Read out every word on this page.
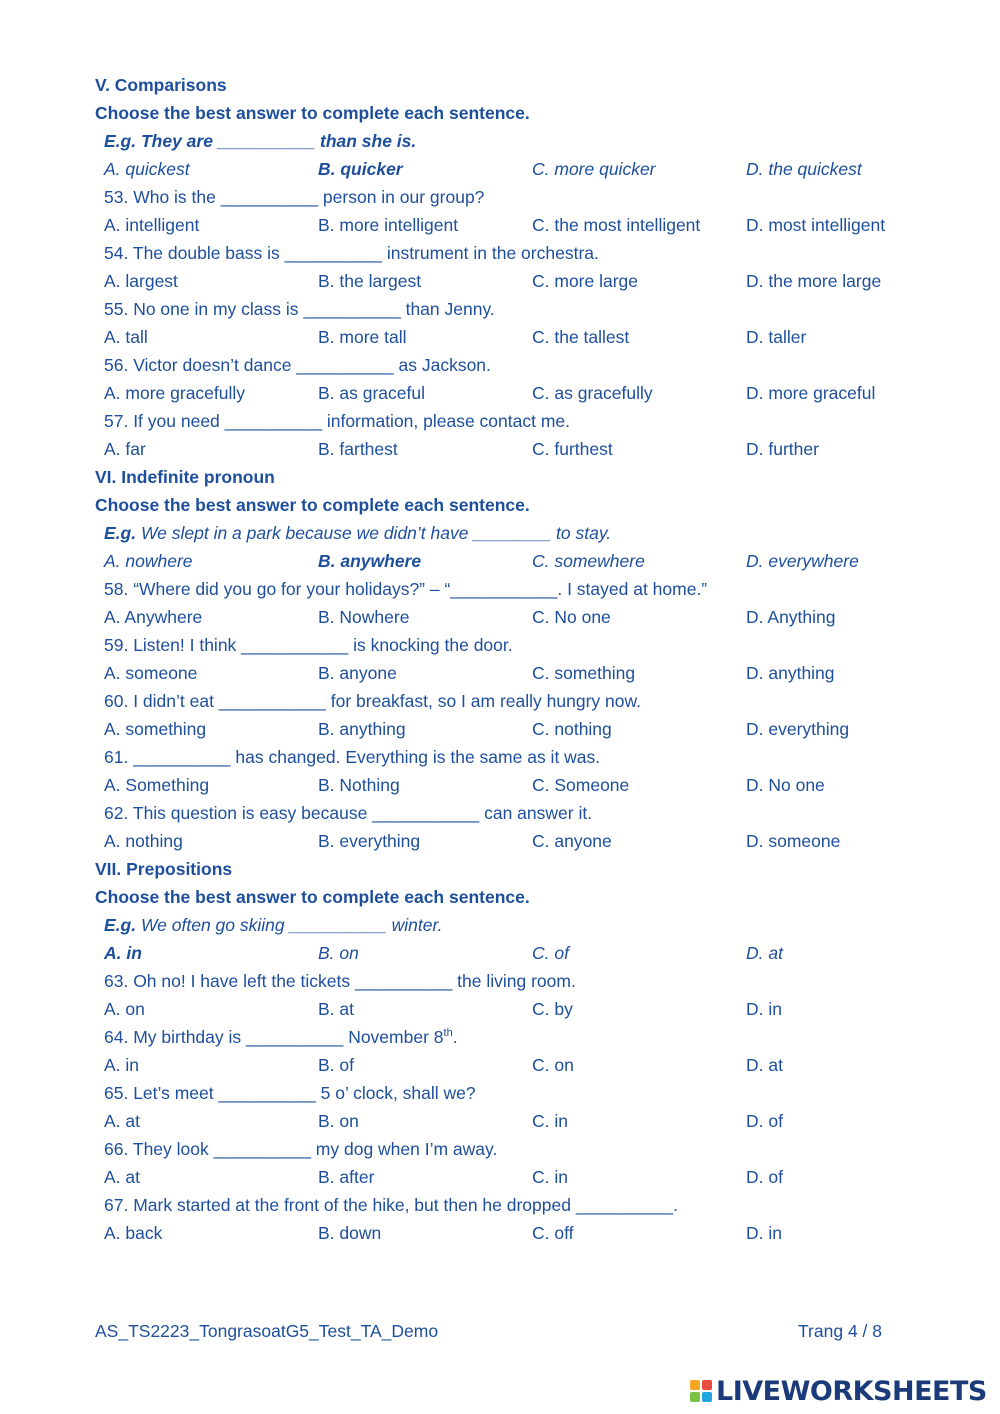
V. Comparisons
Choose the best answer to complete each sentence.
E.g. They are __________ than she is.
A. quickest	B. quicker	C. more quicker	D. the quickest
53. Who is the __________ person in our group?
A. intelligent	B. more intelligent	C. the most intelligent	D. most intelligent
54. The double bass is __________ instrument in the orchestra.
A. largest	B. the largest	C. more large	D. the more large
55. No one in my class is __________ than Jenny.
A. tall	B. more tall	C. the tallest	D. taller
56. Victor doesn’t dance __________ as Jackson.
A. more gracefully	B. as graceful	C. as gracefully	D. more graceful
57. If you need __________ information, please contact me.
A. far	B. farthest	C. furthest	D. further
VI. Indefinite pronoun
Choose the best answer to complete each sentence.
E.g. We slept in a park because we didn’t have ________ to stay.
A. nowhere	B. anywhere	C. somewhere	D. everywhere
58. “Where did you go for your holidays?” – “___________. I stayed at home.”
A. Anywhere	B. Nowhere	C. No one	D. Anything
59. Listen! I think ___________ is knocking the door.
A. someone	B. anyone	C. something	D. anything
60. I didn’t eat ___________ for breakfast, so I am really hungry now.
A. something	B. anything	C. nothing	D. everything
61. __________ has changed. Everything is the same as it was.
A. Something	B. Nothing	C. Someone	D. No one
62. This question is easy because ___________ can answer it.
A. nothing	B. everything	C. anyone	D. someone
VII. Prepositions
Choose the best answer to complete each sentence.
E.g. We often go skiing __________ winter.
A. in	B. on	C. of	D. at
63. Oh no! I have left the tickets __________ the living room.
A. on	B. at	C. by	D. in
64. My birthday is __________ November 8th.
A. in	B. of	C. on	D. at
65. Let’s meet __________ 5 o’ clock, shall we?
A. at	B. on	C. in	D. of
66. They look __________ my dog when I’m away.
A. at	B. after	C. in	D. of
67. Mark started at the front of the hike, but then he dropped __________.
A. back	B. down	C. off	D. in
AS_TS2223_TongrasoatG5_Test_TA_Demo	Trang 4 / 8
LIVEWORKSHEETS
